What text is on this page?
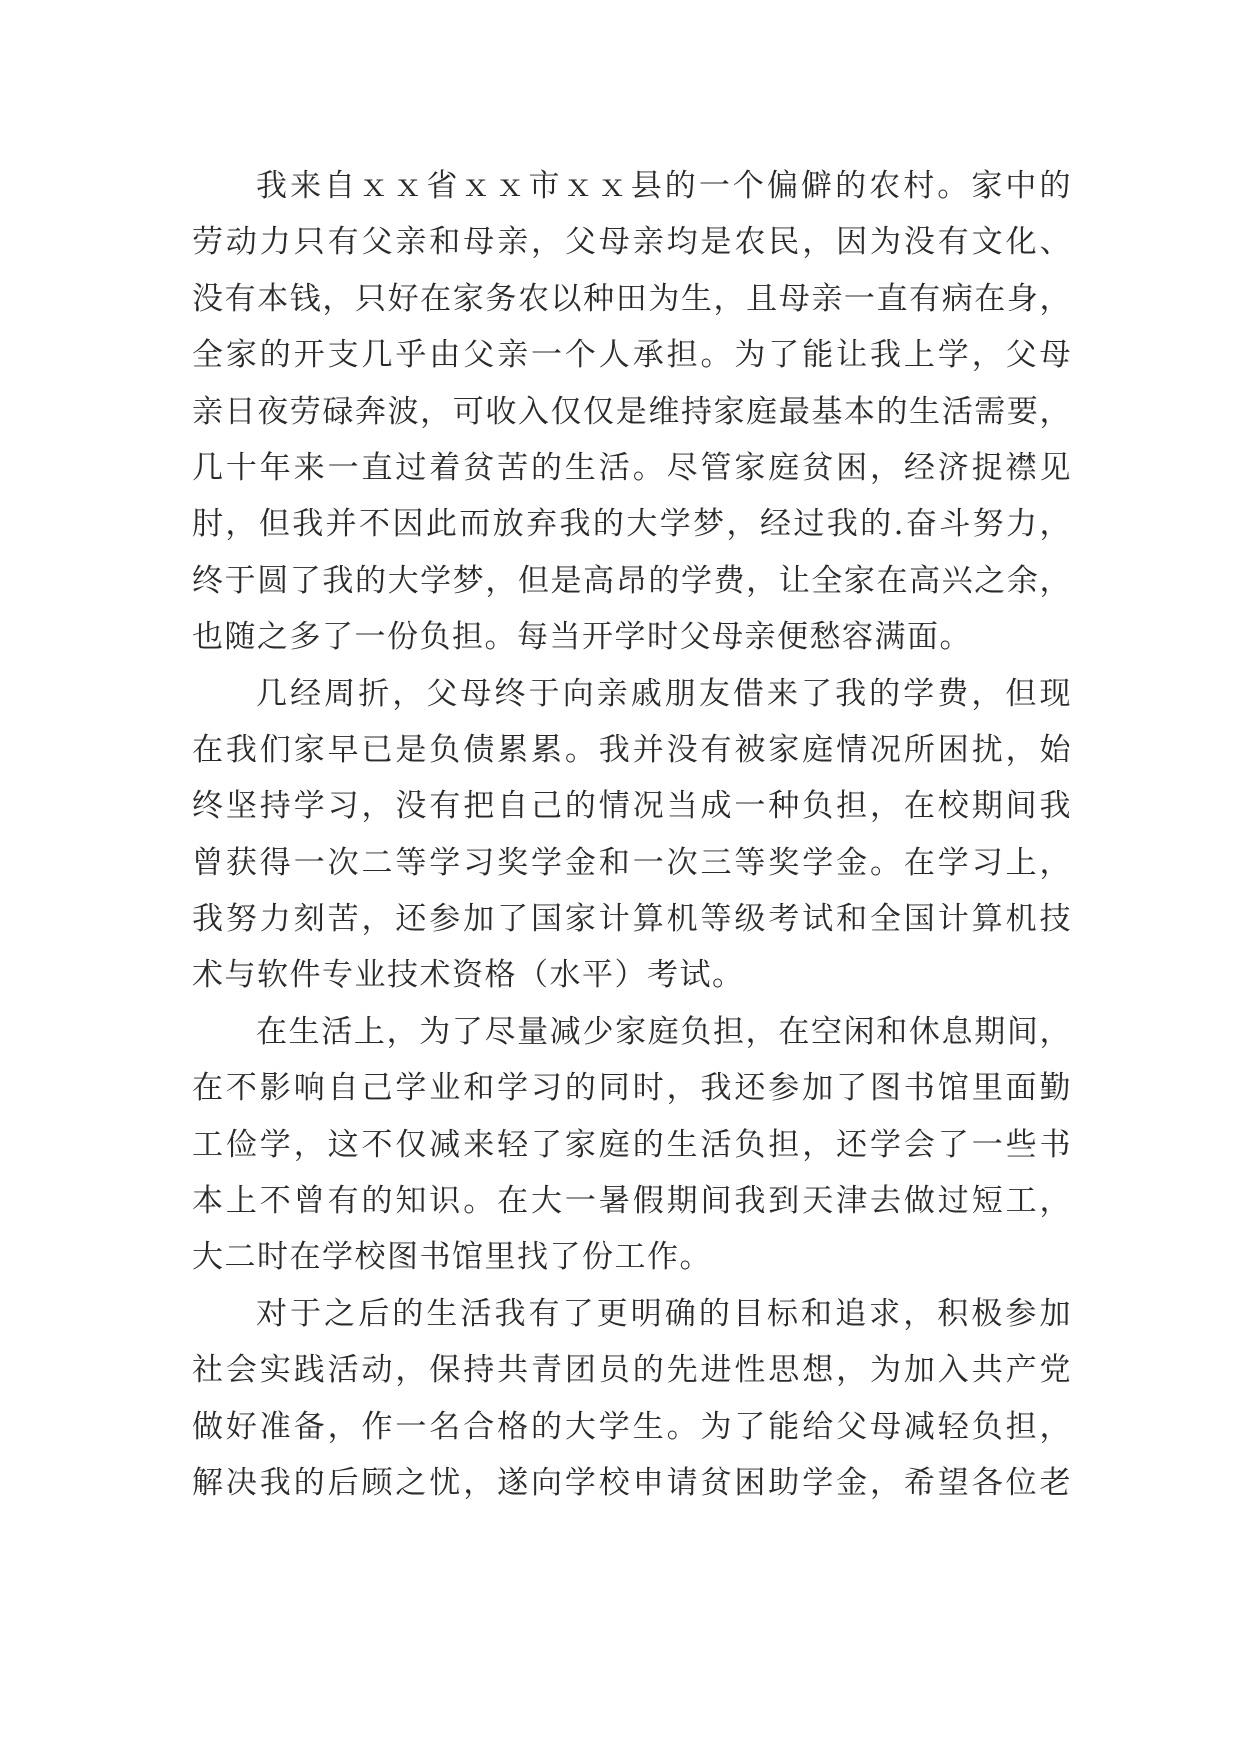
我来自ｘｘ省ｘｘ市ｘｘ县的一个偏僻的农村。家中的
劳动力只有父亲和母亲，父母亲均是农民，因为没有文化、
没有本钱，只好在家务农以种田为生，且母亲一直有病在身，
全家的开支几乎由父亲一个人承担。为了能让我上学，父母
亲日夜劳碌奔波，可收入仅仅是维持家庭最基本的生活需要，
几十年来一直过着贫苦的生活。尽管家庭贫困，经济捉襟见
肘，但我并不因此而放弃我的大学梦，经过我的.奋斗努力，
终于圆了我的大学梦，但是高昂的学费，让全家在高兴之余，
也随之多了一份负担。每当开学时父母亲便愁容满面。
几经周折，父母终于向亲戚朋友借来了我的学费，但现
在我们家早已是负债累累。我并没有被家庭情况所困扰，始
终坚持学习，没有把自己的情况当成一种负担，在校期间我
曾获得一次二等学习奖学金和一次三等奖学金。在学习上，
我努力刻苦，还参加了国家计算机等级考试和全国计算机技
术与软件专业技术资格（水平）考试。
在生活上，为了尽量减少家庭负担，在空闲和休息期间，
在不影响自己学业和学习的同时，我还参加了图书馆里面勤
工俭学，这不仅减来轻了家庭的生活负担，还学会了一些书
本上不曾有的知识。在大一暑假期间我到天津去做过短工，
大二时在学校图书馆里找了份工作。
对于之后的生活我有了更明确的目标和追求，积极参加
社会实践活动，保持共青团员的先进性思想，为加入共产党
做好准备，作一名合格的大学生。为了能给父母减轻负担，
解决我的后顾之忧，遂向学校申请贫困助学金，希望各位老
